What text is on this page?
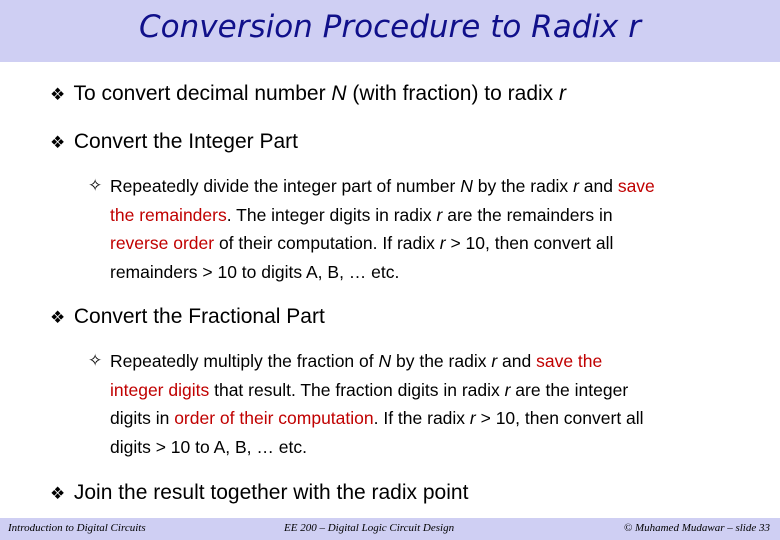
Conversion Procedure to Radix r
❖ To convert decimal number N (with fraction) to radix r
❖ Convert the Integer Part
✧ Repeatedly divide the integer part of number N by the radix r and save
the remainders. The integer digits in radix r are the remainders in
reverse order of their computation. If radix r > 10, then convert all
remainders > 10 to digits A, B, … etc.
❖ Convert the Fractional Part
✧ Repeatedly multiply the fraction of N by the radix r and save the
integer digits that result. The fraction digits in radix r are the integer
digits in order of their computation. If the radix r > 10, then convert all
digits > 10 to A, B, … etc.
❖ Join the result together with the radix point
Introduction to Digital Circuits	EE 200 – Digital Logic Circuit Design	© Muhamed Mudawar – slide 33
